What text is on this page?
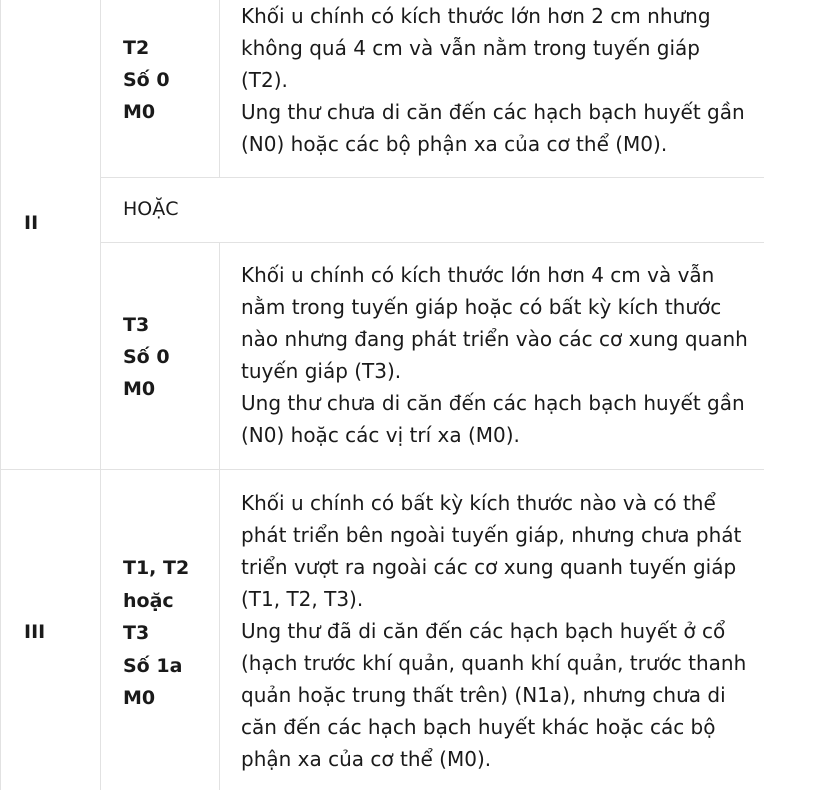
II
T2
Số 0
M0

Khối u chính có kích thước lớn hơn 2 cm nhưng không quá 4 cm và vẫn nằm trong tuyến giáp (T2).

Ung thư chưa di căn đến các hạch bạch huyết gần (N0) hoặc các bộ phận xa của cơ thể (M0).

HOẶC
T3
Số 0
M0

Khối u chính có kích thước lớn hơn 4 cm và vẫn nằm trong tuyến giáp hoặc có bất kỳ kích thước nào nhưng đang phát triển vào các cơ xung quanh tuyến giáp (T3).

Ung thư chưa di căn đến các hạch bạch huyết gần (N0) hoặc các vị trí xa (M0).

III
T1, T2
hoặc
T3
Số 1a
M0

Khối u chính có bất kỳ kích thước nào và có thể phát triển bên ngoài tuyến giáp, nhưng chưa phát triển vượt ra ngoài các cơ xung quanh tuyến giáp (T1, T2, T3).

Ung thư đã di căn đến các hạch bạch huyết ở cổ (hạch trước khí quản, quanh khí quản, trước thanh quản hoặc trung thất trên) (N1a), nhưng chưa di căn đến các hạch bạch huyết khác hoặc các bộ phận xa của cơ thể (M0).
